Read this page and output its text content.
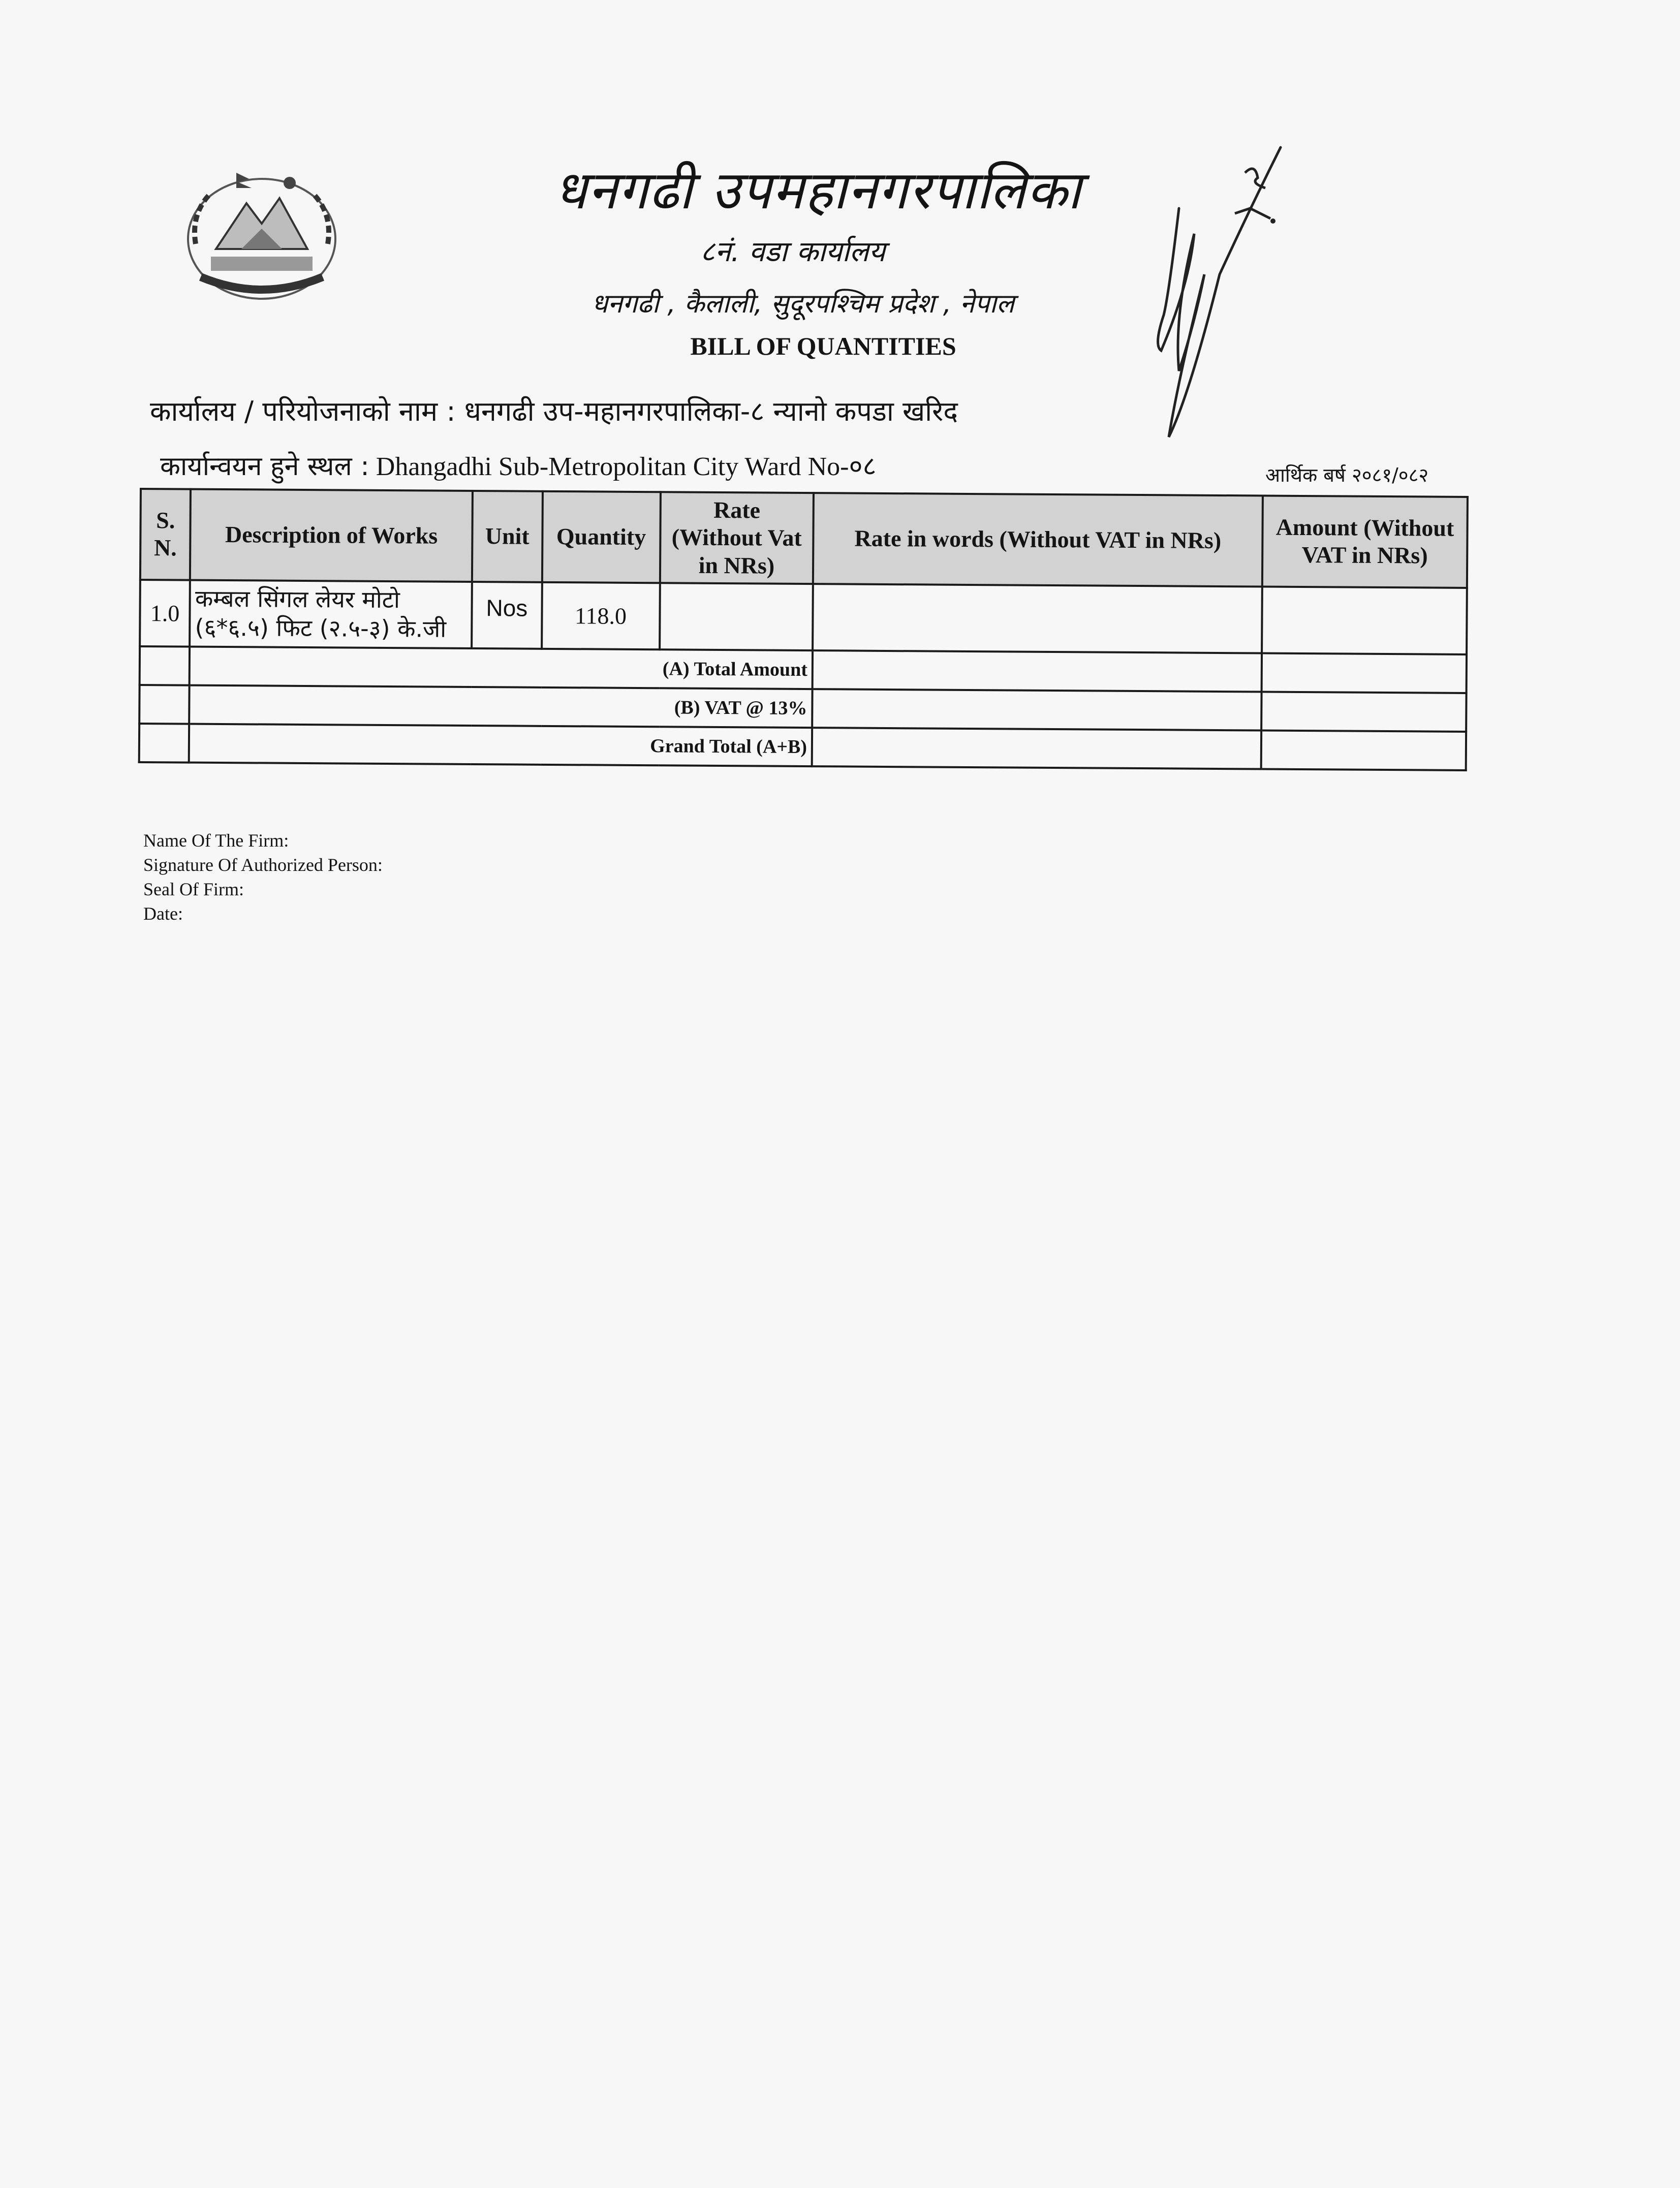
धनगढी उपमहानगरपालिका
८नं. वडा कार्यालय
धनगढी , कैलाली, सुदूरपश्चिम प्रदेश , नेपाल
BILL OF QUANTITIES
कार्यालय / परियोजनाको नाम : धनगढी उप-महानगरपालिका-८ न्यानो कपडा खरिद
कार्यान्वयन हुने स्थल : Dhangadhi Sub-Metropolitan City Ward No-०८	आर्थिक बर्ष २०८१/०८२
S. N.	Description of Works	Unit	Quantity	Rate (Without Vat in NRs)	Rate in words (Without VAT in NRs)	Amount (Without VAT in NRs)
1.0	कम्बल सिंगल लेयर मोटो (६*६.५) फिट (२.५-३) के.जी	Nos	118.0			
	(A) Total Amount					
	(B) VAT @ 13%					
	Grand Total (A+B)					
Name Of The Firm:
Signature Of Authorized Person:
Seal Of Firm:
Date:
